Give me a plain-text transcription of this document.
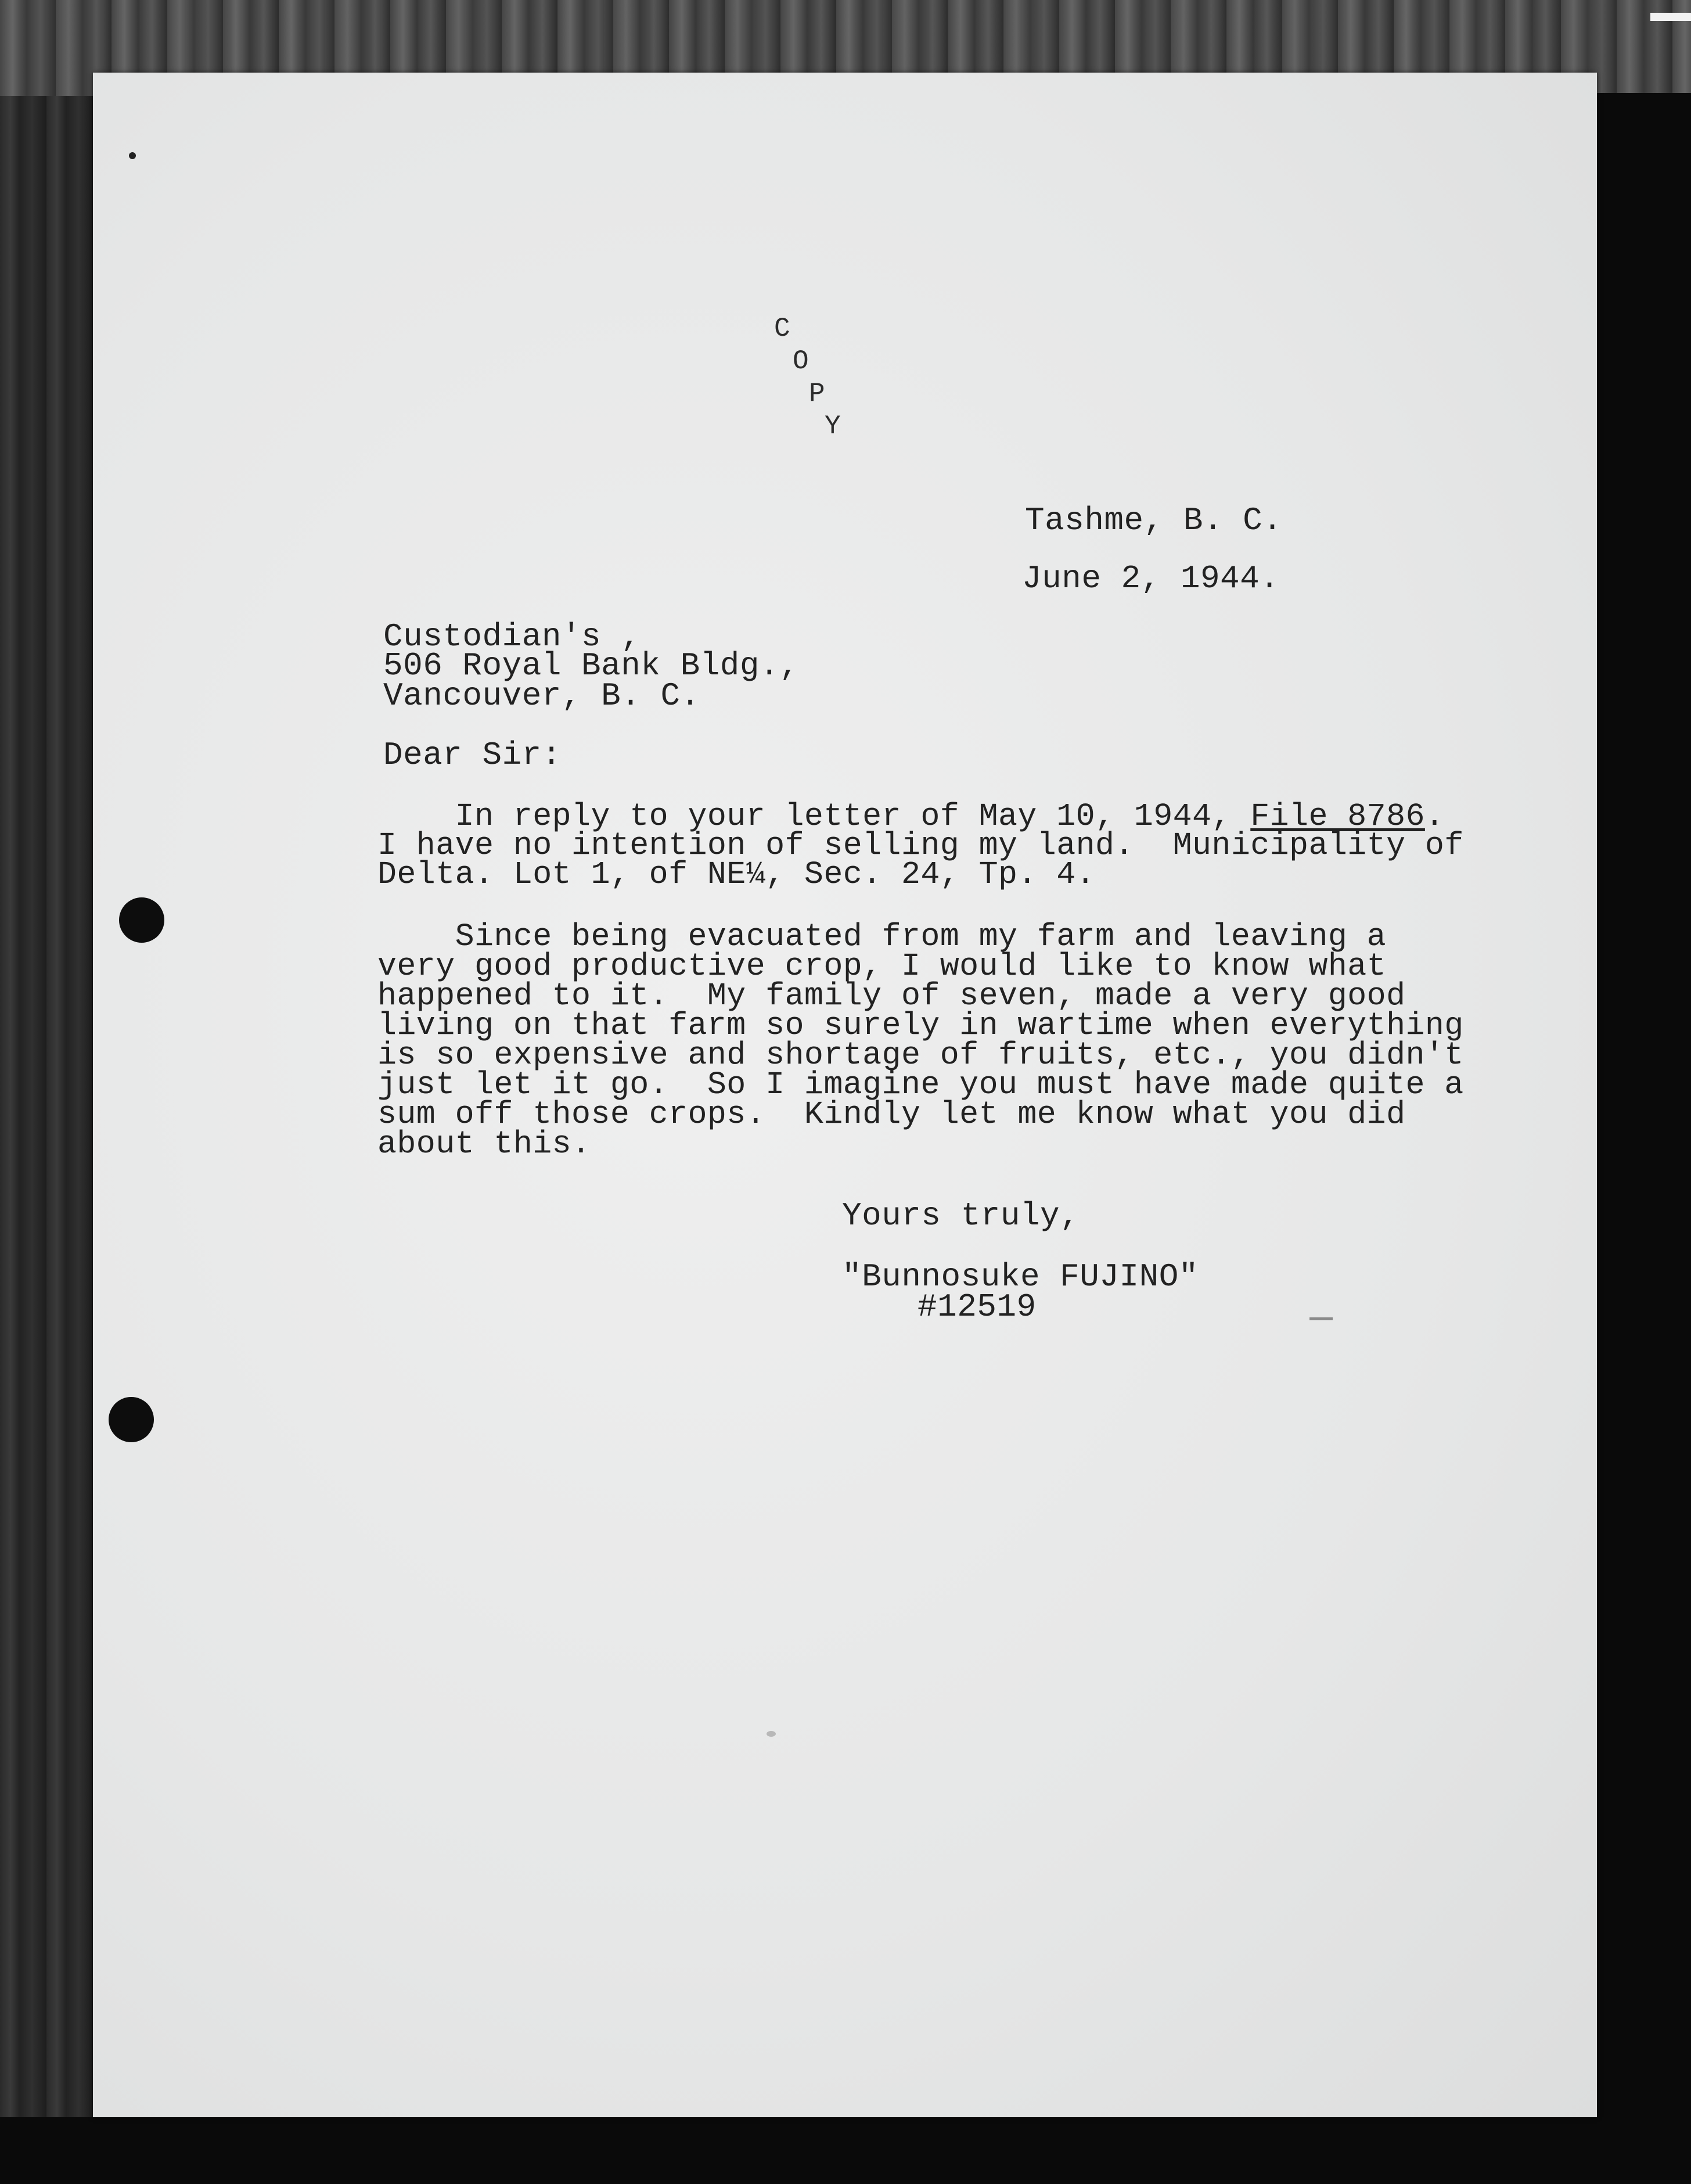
C
O
P
Y
Tashme, B. C.
June 2, 1944.
Custodian's ,
506 Royal Bank Bldg.,
Vancouver, B. C.
Dear Sir:
In reply to your letter of May 10, 1944, File 8786.
I have no intention of selling my land.  Municipality of
Delta. Lot 1, of NE¼, Sec. 24, Tp. 4.
Since being evacuated from my farm and leaving a
very good productive crop, I would like to know what
happened to it.  My family of seven, made a very good
living on that farm so surely in wartime when everything
is so expensive and shortage of fruits, etc., you didn't
just let it go.  So I imagine you must have made quite a
sum off those crops.  Kindly let me know what you did
about this.
Yours truly,
"Bunnosuke FUJINO"
#12519
